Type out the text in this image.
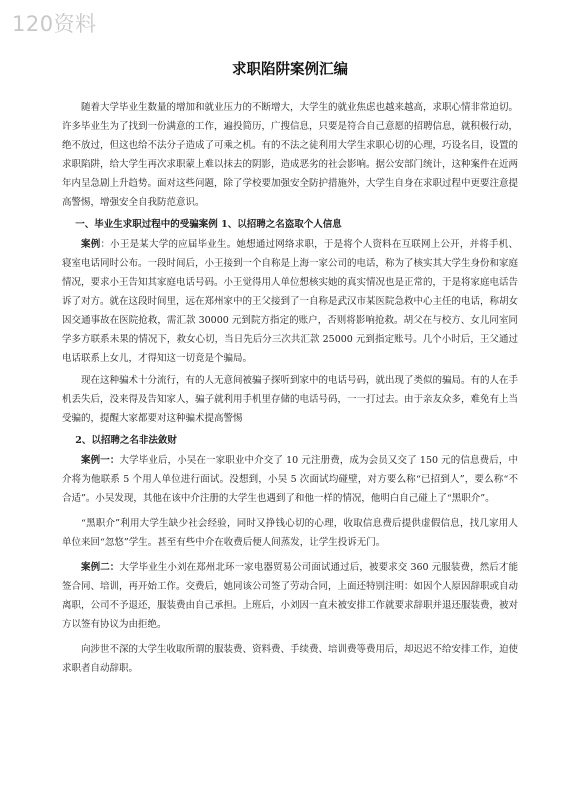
120资料
求职陷阱案例汇编

随着大学毕业生数量的增加和就业压力的不断增大，大学生的就业焦虑也越来越高，求职心情非常迫切。许多毕业生为了找到一份满意的工作，遍投简历，广搜信息，只要是符合自己意愿的招聘信息，就积极行动，绝不放过，但这也给不法分子造成了可乘之机。有的不法之徒利用大学生求职心切的心理，巧设名目，设置的求职陷阱，给大学生再次求职蒙上难以抹去的阴影，造成恶劣的社会影响。据公安部门统计，这种案件在近两年内呈急剧上升趋势。面对这些问题，除了学校要加强安全防护措施外，大学生自身在求职过程中更要注意提高警惕，增强安全自我防范意识。

一、毕业生求职过程中的受骗案例 1、以招聘之名盗取个人信息

案例：小王是某大学的应届毕业生。她想通过网络求职，于是将个人资料在互联网上公开，并将手机、寝室电话同时公布。一段时间后，小王接到一个自称是上海一家公司的电话，称为了核实其大学生身份和家庭情况，要求小王告知其家庭电话号码。小王觉得用人单位想核实她的真实情况也是正常的，于是将家庭电话告诉了对方。就在这段时间里，远在郑州家中的王父接到了一自称是武汉市某医院急救中心主任的电话，称胡女因交通事故在医院抢救，需汇款 30000 元到院方指定的账户，否则将影响抢救。胡父在与校方、女儿同室同学多方联系未果的情况下，救女心切，当日先后分三次共汇款 25000 元到指定账号。几个小时后，王父通过电话联系上女儿，才得知这一切竟是个骗局。

现在这种骗术十分流行，有的人无意间被骗子探听到家中的电话号码，就出现了类似的骗局。有的人在手机丢失后，没来得及告知家人，骗子就利用手机里存储的电话号码，一一打过去。由于亲友众多，难免有上当受骗的，提醒大家都要对这种骗术提高警惕

2、以招聘之名非法敛财

案例一：大学毕业后，小吴在一家职业中介交了 10 元注册费，成为会员又交了 150 元的信息费后，中介将为他联系 5 个用人单位进行面试。没想到，小吴 5 次面试均碰壁，对方要么称“已招到人”，要么称“不合适”。小吴发现，其他在该中介注册的大学生也遇到了和他一样的情况，他明白自己碰上了“黑职介”。

“黑职介”利用大学生缺少社会经验，同时又挣钱心切的心理，收取信息费后提供虚假信息，找几家用人单位来回“忽悠”学生。甚至有些中介在收费后便人间蒸发，让学生投诉无门。

案例二：大学毕业生小刘在郑州北环一家电器贸易公司面试通过后，被要求交 360 元服装费，然后才能签合同、培训，再开始工作。交费后，她同该公司签了劳动合同，上面还特别注明：如因个人原因辞职或自动离职，公司不予退还，服装费由自己承担。上班后，小刘因一直未被安排工作就要求辞职并退还服装费，被对方以签有协议为由拒绝。

向涉世不深的大学生收取所谓的服装费、资料费、手续费、培训费等费用后，却迟迟不给安排工作，迫使求职者自动辞职。
